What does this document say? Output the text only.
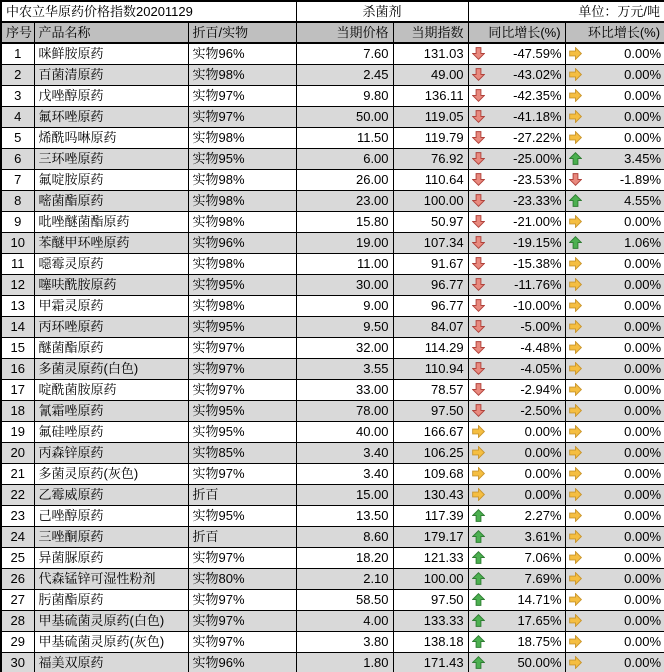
中农立华原药价格指数20201129			杀菌剂		单位：万元/吨	
序号	产品名称	折百/实物	当期价格	当期指数	同比增长(%)	环比增长(%)
1	咪鲜胺原药	实物96%	7.60	131.03	-47.59%	0.00%

2	百菌清原药	实物98%	2.45	49.00	-43.02%	0.00%

3	戊唑醇原药	实物97%	9.80	136.11	-42.35%	0.00%

4	氟环唑原药	实物97%	50.00	119.05	-41.18%	0.00%

5	烯酰吗啉原药	实物98%	11.50	119.79	-27.22%	0.00%

6	三环唑原药	实物95%	6.00	76.92	-25.00%	3.45%

7	氟啶胺原药	实物98%	26.00	110.64	-23.53%	-1.89%

8	嘧菌酯原药	实物98%	23.00	100.00	-23.33%	4.55%

9	吡唑醚菌酯原药	实物98%	15.80	50.97	-21.00%	0.00%

10	苯醚甲环唑原药	实物96%	19.00	107.34	-19.15%	1.06%

11	噁霉灵原药	实物98%	11.00	91.67	-15.38%	0.00%

12	噻呋酰胺原药	实物95%	30.00	96.77	-11.76%	0.00%

13	甲霜灵原药	实物98%	9.00	96.77	-10.00%	0.00%

14	丙环唑原药	实物95%	9.50	84.07	-5.00%	0.00%

15	醚菌酯原药	实物97%	32.00	114.29	-4.48%	0.00%

16	多菌灵原药(白色)	实物97%	3.55	110.94	-4.05%	0.00%

17	啶酰菌胺原药	实物97%	33.00	78.57	-2.94%	0.00%

18	氰霜唑原药	实物95%	78.00	97.50	-2.50%	0.00%

19	氟硅唑原药	实物95%	40.00	166.67	0.00%	0.00%

20	丙森锌原药	实物85%	3.40	106.25	0.00%	0.00%

21	多菌灵原药(灰色)	实物97%	3.40	109.68	0.00%	0.00%

22	乙霉威原药	折百	15.00	130.43	0.00%	0.00%

23	己唑醇原药	实物95%	13.50	117.39	2.27%	0.00%

24	三唑酮原药	折百	8.60	179.17	3.61%	0.00%

25	异菌脲原药	实物97%	18.20	121.33	7.06%	0.00%

26	代森锰锌可湿性粉剂	实物80%	2.10	100.00	7.69%	0.00%

27	肟菌酯原药	实物97%	58.50	97.50	14.71%	0.00%

28	甲基硫菌灵原药(白色)	实物97%	4.00	133.33	17.65%	0.00%

29	甲基硫菌灵原药(灰色)	实物97%	3.80	138.18	18.75%	0.00%

30	福美双原药	实物96%	1.80	171.43	50.00%	0.00%
